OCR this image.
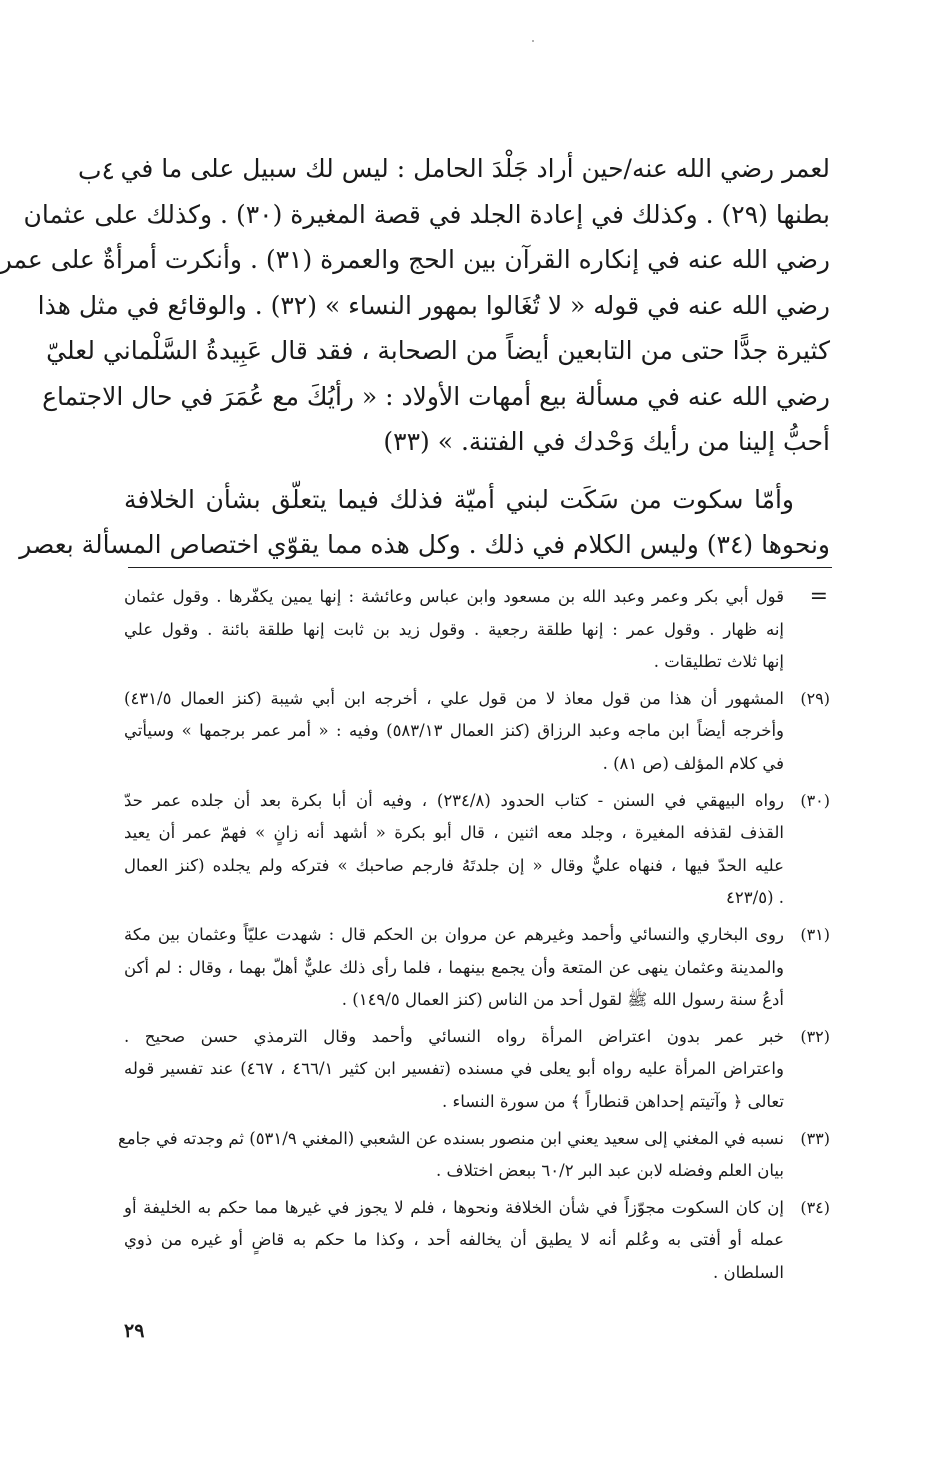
٤ب لعمر رضي الله عنه/حين أراد جَلْدَ الحامل : ليس لك سبيل على ما في
بطنها (٢٩) . وكذلك في إعادة الجلد في قصة المغيرة (٣٠) . وكذلك على عثمان
رضي الله عنه في إنكاره القرآن بين الحج والعمرة (٣١) . وأنكرت أمرأةٌ على عمر
رضي الله عنه في قوله « لا تُغَالوا بمهور النساء » (٣٢) . والوقائع في مثل هذا
كثيرة جدًّا حتى من التابعين أيضاً من الصحابة ، فقد قال عَبِيدةُ السَّلْماني لعليّ
رضي الله عنه في مسألة بيع أمهات الأولاد : « رأيُكَ مع عُمَرَ في حال الاجتماع
أحبُّ إلينا من رأيك وَحْدك في الفتنة. » (٣٣)
وأمّا سكوت من سَكَت لبني أميّة فذلك فيما يتعلّق بشأن الخلافة
ونحوها (٣٤) وليس الكلام في ذلك . وكل هذه مما يقوّي اختصاص المسألة بعصر
=
قول أبي بكر وعمر وعبد الله بن مسعود وابن عباس وعائشة : إنها يمين يكفّرها . وقول عثمان
إنه ظهار . وقول عمر : إنها طلقة رجعية . وقول زيد بن ثابت إنها طلقة بائنة . وقول علي
إنها ثلاث تطليقات .
(٢٩)
المشهور أن هذا من قول معاذ لا من قول علي ، أخرجه ابن أبي شيبة (كنز العمال ٤٣١/٥)
وأخرجه أيضاً ابن ماجه وعبد الرزاق (كنز العمال ٥٨٣/١٣) وفيه : « أمر عمر برجمها » وسيأتي
في كلام المؤلف (ص ٨١) .
(٣٠)
رواه البيهقي في السنن - كتاب الحدود (٢٣٤/٨) ، وفيه أن أبا بكرة بعد أن جلده عمر حدّ
القذف لقذفه المغيرة ، وجلد معه اثنين ، قال أبو بكرة « أشهد أنه زانٍ » فهمّ عمر أن يعيد
عليه الحدّ فيها ، فنهاه عليٌّ وقال « إن جلدتَهُ فارجم صاحبك » فتركه ولم يجلده (كنز العمال
. (٤٢٣/٥
(٣١)
روى البخاري والنسائي وأحمد وغيرهم عن مروان بن الحكم قال : شهدت عليّاً وعثمان بين مكة
والمدينة وعثمان ينهى عن المتعة وأن يجمع بينهما ، فلما رأى ذلك عليٌّ أهلّ بهما ، وقال : لم أكن
أدعُ سنة رسول الله ﷺ لقول أحد من الناس (كنز العمال ١٤٩/٥) .
(٣٢)
خبر عمر بدون اعتراض المرأة رواه النسائي وأحمد وقال الترمذي حسن صحيح .
واعتراض المرأة عليه رواه أبو يعلى في مسنده (تفسير ابن كثير ٤٦٦/١ ، ٤٦٧) عند تفسير قوله
تعالى ﴿ وآتيتم إحداهن قنطاراً ﴾ من سورة النساء .
(٣٣)
نسبه في المغني إلى سعيد يعني ابن منصور بسنده عن الشعبي (المغني ٥٣١/٩) ثم وجدته في جامع
بيان العلم وفضله لابن عبد البر ٦٠/٢ ببعض اختلاف .
(٣٤)
إن كان السكوت مجوّزاً في شأن الخلافة ونحوها ، فلم لا يجوز في غيرها مما حكم به الخليفة أو
عمله أو أفتى به وعُلم أنه لا يطيق أن يخالفه أحد ، وكذا ما حكم به قاضٍ أو غيره من ذوي
السلطان .
٢٩
